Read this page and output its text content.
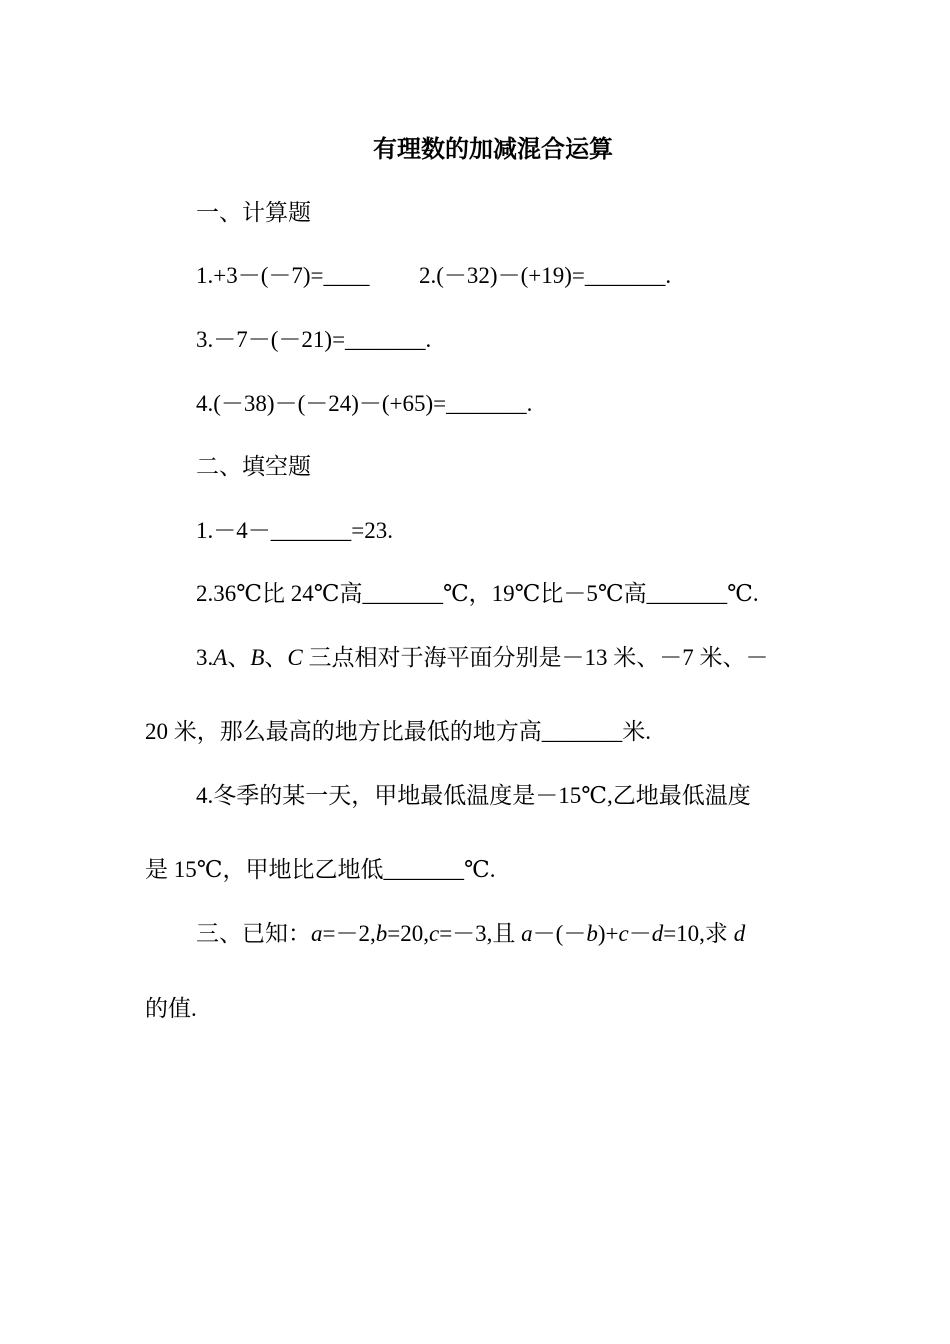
有理数的加减混合运算
一、计算题
1.+3－(－7)=____ 2.(－32)－(+19)=_______.
3.－7－(－21)=_______.
4.(－38)－(－24)－(+65)=_______.
二、填空题
1.－4－_______=23.
2.36℃比 24℃高_______℃，19℃比－5℃高_______℃.
3.A、B、C 三点相对于海平面分别是－13 米、－7 米、－
20 米，那么最高的地方比最低的地方高_______米.
4.冬季的某一天，甲地最低温度是－15℃,乙地最低温度
是 15℃，甲地比乙地低_______℃.
三、已知：a=－2,b=20,c=－3,且 a－(－b)+c－d=10,求 d
的值.
